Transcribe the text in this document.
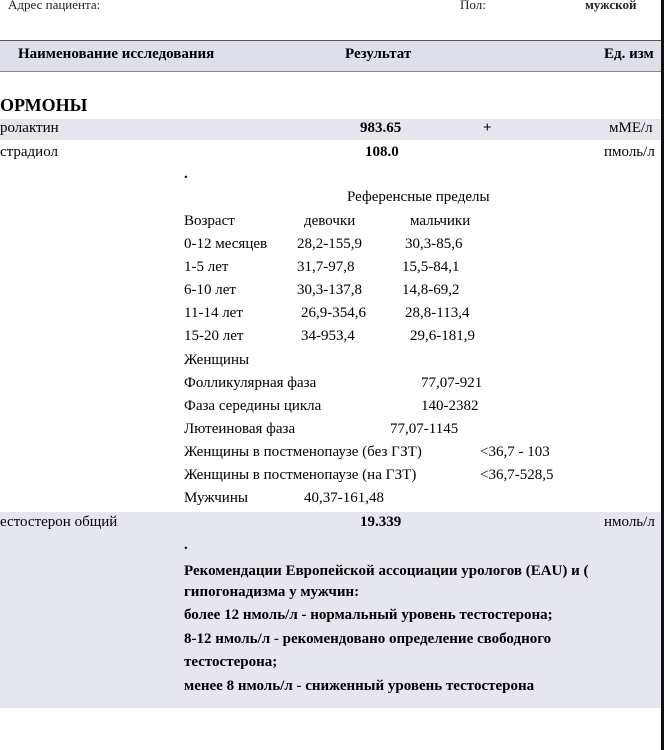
Адрес пациента:	Пол:	мужской
Наименование исследования	Результат	Ед. изм
ОРМОНЫ
ролактин	983.65	+	мМЕ/л
страдиол	108.0	пмоль/л
.
Референсные пределы
Возраст	девочки	мальчики
0-12 месяцев 28,2-155,9	30,3-85,6
1-5 лет	31,7-97,8	15,5-84,1
6-10 лет	30,3-137,8	14,8-69,2
11-14 лет	26,9-354,6	28,8-113,4
15-20 лет	34-953,4	29,6-181,9
Женщины
Фолликулярная фаза	77,07-921
Фаза середины цикла	140-2382
Лютеиновая фаза	77,07-1145
Женщины в постменопаузе (без ГЗТ)	<36,7 - 103
Женщины в постменопаузе (на ГЗТ)	<36,7-528,5
Мужчины	40,37-161,48
естостерон общий	19.339	нмоль/л
.
Рекомендации Европейской ассоциации урологов (EAU) и (
гипогонадизма у мужчин:
более 12 нмоль/л - нормальный уровень тестостерона;
8-12 нмоль/л - рекомендовано определение свободного
тестостерона;
менее 8 нмоль/л - сниженный уровень тестостерона
